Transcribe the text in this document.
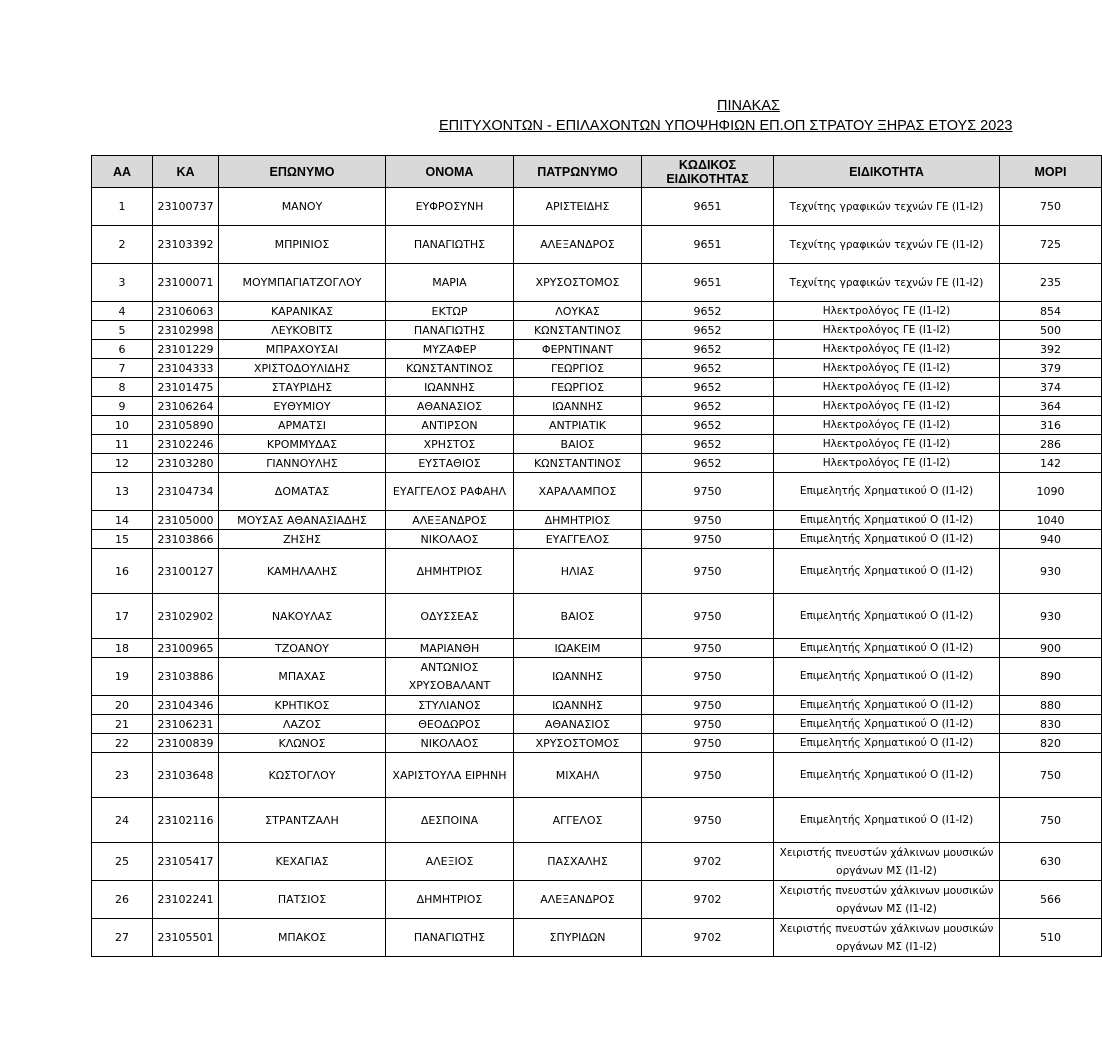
ΠΙΝΑΚΑΣ
ΕΠΙΤΥΧΟΝΤΩΝ - ΕΠΙΛΑΧΟΝΤΩΝ ΥΠΟΨΗΦΙΩΝ ΕΠ.ΟΠ ΣΤΡΑΤΟΥ ΞΗΡΑΣ ΕΤΟΥΣ 2023
ΑΑ	ΚΑ	ΕΠΩΝΥΜΟ	ΟΝΟΜΑ	ΠΑΤΡΩΝΥΜΟ	ΚΩΔΙΚΟΣ ΕΙΔΙΚΟΤΗΤΑΣ	ΕΙΔΙΚΟΤΗΤΑ	ΜΟΡΙ
1	23100737	ΜΑΝΟΥ	ΕΥΦΡΟΣΥΝΗ	ΑΡΙΣΤΕΙΔΗΣ	9651	Τεχνίτης γραφικών τεχνών ΓΕ (Ι1-Ι2)	750
2	23103392	ΜΠΡΙΝΙΟΣ	ΠΑΝΑΓΙΩΤΗΣ	ΑΛΕΞΑΝΔΡΟΣ	9651	Τεχνίτης γραφικών τεχνών ΓΕ (Ι1-Ι2)	725
3	23100071	ΜΟΥΜΠΑΓΙΑΤΖΟΓΛΟΥ	ΜΑΡΙΑ	ΧΡΥΣΟΣΤΟΜΟΣ	9651	Τεχνίτης γραφικών τεχνών ΓΕ (Ι1-Ι2)	235
4	23106063	ΚΑΡΑΝΙΚΑΣ	ΕΚΤΩΡ	ΛΟΥΚΑΣ	9652	Ηλεκτρολόγος ΓΕ (Ι1-Ι2)	854
5	23102998	ΛΕΥΚΟΒΙΤΣ	ΠΑΝΑΓΙΩΤΗΣ	ΚΩΝΣΤΑΝΤΙΝΟΣ	9652	Ηλεκτρολόγος ΓΕ (Ι1-Ι2)	500
6	23101229	ΜΠΡΑΧΟΥΣΑΙ	ΜΥΖΑΦΕΡ	ΦΕΡΝΤΙΝΑΝΤ	9652	Ηλεκτρολόγος ΓΕ (Ι1-Ι2)	392
7	23104333	ΧΡΙΣΤΟΔΟΥΛΙΔΗΣ	ΚΩΝΣΤΑΝΤΙΝΟΣ	ΓΕΩΡΓΙΟΣ	9652	Ηλεκτρολόγος ΓΕ (Ι1-Ι2)	379
8	23101475	ΣΤΑΥΡΙΔΗΣ	ΙΩΑΝΝΗΣ	ΓΕΩΡΓΙΟΣ	9652	Ηλεκτρολόγος ΓΕ (Ι1-Ι2)	374
9	23106264	ΕΥΘΥΜΙΟΥ	ΑΘΑΝΑΣΙΟΣ	ΙΩΑΝΝΗΣ	9652	Ηλεκτρολόγος ΓΕ (Ι1-Ι2)	364
10	23105890	ΑΡΜΑΤΣΙ	ΑΝΤΙΡΣΟΝ	ΑΝΤΡΙΑΤΙΚ	9652	Ηλεκτρολόγος ΓΕ (Ι1-Ι2)	316
11	23102246	ΚΡΟΜΜΥΔΑΣ	ΧΡΗΣΤΟΣ	ΒΑΙΟΣ	9652	Ηλεκτρολόγος ΓΕ (Ι1-Ι2)	286
12	23103280	ΓΙΑΝΝΟΥΛΗΣ	ΕΥΣΤΑΘΙΟΣ	ΚΩΝΣΤΑΝΤΙΝΟΣ	9652	Ηλεκτρολόγος ΓΕ (Ι1-Ι2)	142
13	23104734	ΔΟΜΑΤΑΣ	ΕΥΑΓΓΕΛΟΣ ΡΑΦΑΗΛ	ΧΑΡΑΛΑΜΠΟΣ	9750	Επιμελητής Χρηματικού Ο (Ι1-Ι2)	1090
14	23105000	ΜΟΥΣΑΣ ΑΘΑΝΑΣΙΑΔΗΣ	ΑΛΕΞΑΝΔΡΟΣ	ΔΗΜΗΤΡΙΟΣ	9750	Επιμελητής Χρηματικού Ο (Ι1-Ι2)	1040
15	23103866	ΖΗΣΗΣ	ΝΙΚΟΛΑΟΣ	ΕΥΑΓΓΕΛΟΣ	9750	Επιμελητής Χρηματικού Ο (Ι1-Ι2)	940
16	23100127	ΚΑΜΗΛΑΛΗΣ	ΔΗΜΗΤΡΙΟΣ	ΗΛΙΑΣ	9750	Επιμελητής Χρηματικού Ο (Ι1-Ι2)	930
17	23102902	ΝΑΚΟΥΛΑΣ	ΟΔΥΣΣΕΑΣ	ΒΑΙΟΣ	9750	Επιμελητής Χρηματικού Ο (Ι1-Ι2)	930
18	23100965	ΤΖΟΑΝΟΥ	ΜΑΡΙΑΝΘΗ	ΙΩΑΚΕΙΜ	9750	Επιμελητής Χρηματικού Ο (Ι1-Ι2)	900
19	23103886	ΜΠΑΧΑΣ	ΑΝΤΩΝΙΟΣ ΧΡΥΣΟΒΑΛΑΝΤ	ΙΩΑΝΝΗΣ	9750	Επιμελητής Χρηματικού Ο (Ι1-Ι2)	890
20	23104346	ΚΡΗΤΙΚΟΣ	ΣΤΥΛΙΑΝΟΣ	ΙΩΑΝΝΗΣ	9750	Επιμελητής Χρηματικού Ο (Ι1-Ι2)	880
21	23106231	ΛΑΖΟΣ	ΘΕΟΔΩΡΟΣ	ΑΘΑΝΑΣΙΟΣ	9750	Επιμελητής Χρηματικού Ο (Ι1-Ι2)	830
22	23100839	ΚΛΩΝΟΣ	ΝΙΚΟΛΑΟΣ	ΧΡΥΣΟΣΤΟΜΟΣ	9750	Επιμελητής Χρηματικού Ο (Ι1-Ι2)	820
23	23103648	ΚΩΣΤΟΓΛΟΥ	ΧΑΡΙΣΤΟΥΛΑ ΕΙΡΗΝΗ	ΜΙΧΑΗΛ	9750	Επιμελητής Χρηματικού Ο (Ι1-Ι2)	750
24	23102116	ΣΤΡΑΝΤΖΑΛΗ	ΔΕΣΠΟΙΝΑ	ΑΓΓΕΛΟΣ	9750	Επιμελητής Χρηματικού Ο (Ι1-Ι2)	750
25	23105417	ΚΕΧΑΓΙΑΣ	ΑΛΕΞΙΟΣ	ΠΑΣΧΑΛΗΣ	9702	Χειριστής πνευστών χάλκινων μουσικών οργάνων ΜΣ (Ι1-Ι2)	630
26	23102241	ΠΑΤΣΙΟΣ	ΔΗΜΗΤΡΙΟΣ	ΑΛΕΞΑΝΔΡΟΣ	9702	Χειριστής πνευστών χάλκινων μουσικών οργάνων ΜΣ (Ι1-Ι2)	566
27	23105501	ΜΠΑΚΟΣ	ΠΑΝΑΓΙΩΤΗΣ	ΣΠΥΡΙΔΩΝ	9702	Χειριστής πνευστών χάλκινων μουσικών οργάνων ΜΣ (Ι1-Ι2)	510
